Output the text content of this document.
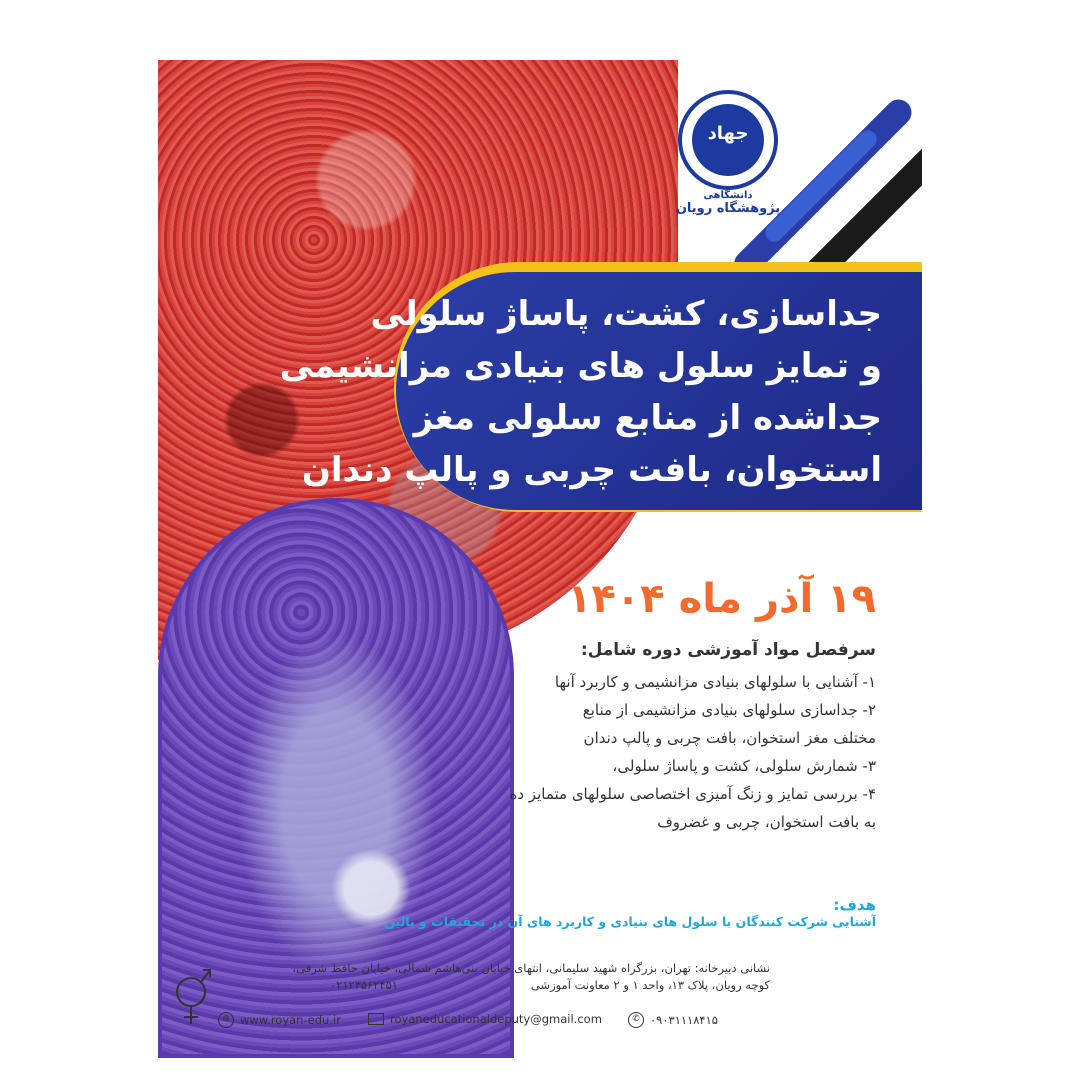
جهاد
دانشگاهی
پژوهشگاه رویان
جداسازی، کشت، پاساژ سلولی
و تمایز سلول های بنیادی مزانشیمی
جداشده از منابع سلولی مغز
استخوان، بافت چربی و پالپ دندان
۱۹ آذر ماه ۱۴۰۴
سرفصل مواد آموزشی دوره شامل:
۱- آشنایی با سلولهای بنیادی مزانشیمی و کاربرد آنها
۲- جداسازی سلولهای بنیادی مزانشیمی از منابع
مختلف مغز استخوان، بافت چربی و پالپ دندان
۳- شمارش سلولی، کشت و پاساژ سلولی،
۴- بررسی تمایز و زنگ آمیزی اختصاصی سلولهای متمایز ده
به بافت استخوان، چربی و غضروف
هدف:
آشنایی شرکت کنندگان با سلول های بنیادی و کاربرد های آن در تحقیقات و بالین
نشانی دبیرخانه: تهران، بزرگراه شهید سلیمانی، انتهای خیابان بنی‌هاشم شمالی، خیابان حافظ شرقی،
کوچه رویان، پلاک ۱۳، واحد ۱ و ۲ معاونت آموزشی
۰۲۱۲۳۵۶۲۴۵۱
⊕ www.royan-edu.ir	royaneducationaldeputy@gmail.com	✆ ۰۹۰۳۱۱۱۸۴۱۵
